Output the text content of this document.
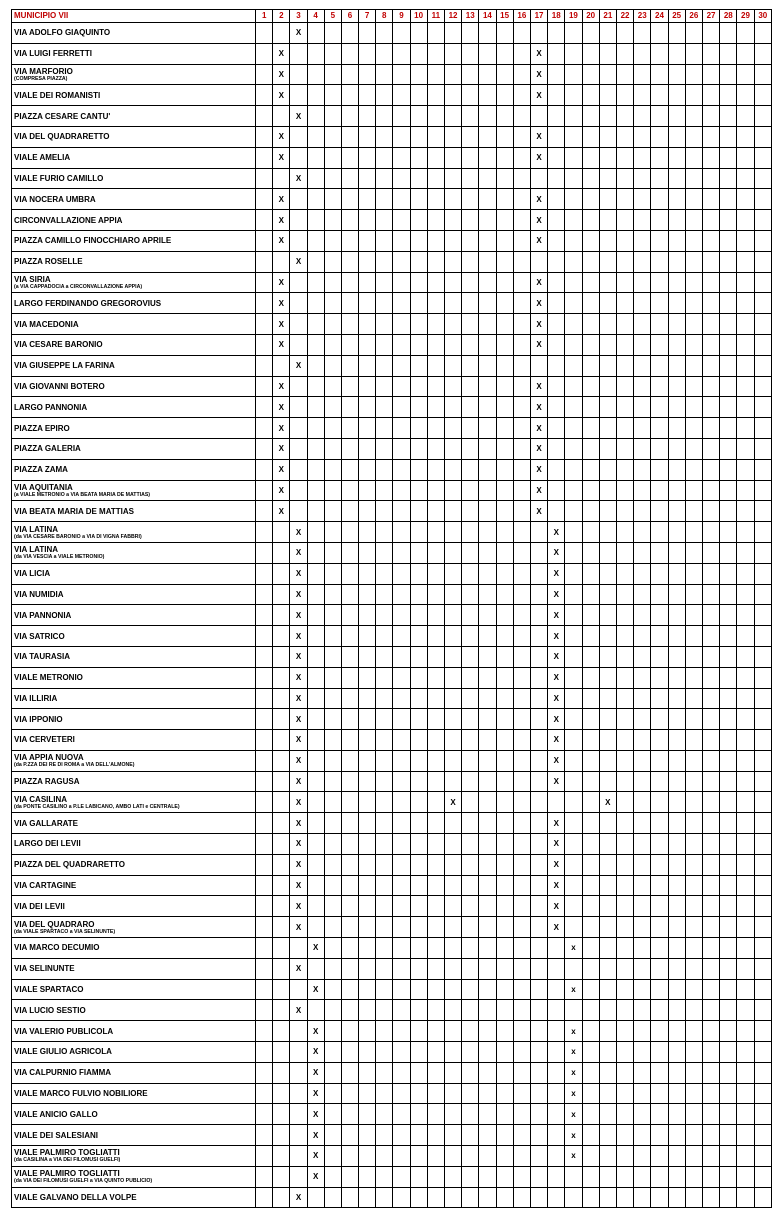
MUNICIPIO VII	1	2	3	4	5	6	7	8	9	10	11	12	13	14	15	16	17	18	19	20	21	22	23	24	25	26	27	28	29	30
VIA ADOLFO GIAQUINTO			X																											
VIA LUIGI FERRETTI		X															X													
VIA MARFORIO
(COMPRESA PIAZZA)		X															X													
VIALE DEI ROMANISTI		X															X													
PIAZZA CESARE CANTU'			X																											
VIA DEL QUADRARETTO		X															X													
VIALE AMELIA		X															X													
VIALE FURIO CAMILLO			X																											
VIA NOCERA UMBRA		X															X													
CIRCONVALLAZIONE APPIA		X															X													
PIAZZA CAMILLO FINOCCHIARO APRILE		X															X													
PIAZZA ROSELLE			X																											
VIA SIRIA
(a VIA CAPPADOCIA a CIRCONVALLAZIONE APPIA)		X															X													
LARGO FERDINANDO GREGOROVIUS		X															X													
VIA MACEDONIA		X															X													
VIA CESARE BARONIO		X															X													
VIA GIUSEPPE LA FARINA			X																											
VIA GIOVANNI BOTERO		X															X													
LARGO PANNONIA		X															X													
PIAZZA EPIRO		X															X													
PIAZZA GALERIA		X															X													
PIAZZA ZAMA		X															X													
VIA AQUITANIA
(a VIALE METRONIO a VIA BEATA MARIA DE MATTIAS)		X															X													
VIA BEATA MARIA DE MATTIAS		X															X													
VIA LATINA
(da VIA CESARE BARONIO a VIA DI VIGNA FABBRI)			X															X												
VIA LATINA
(da VIA VESCIA a VIALE METRONIO)			X															X												
VIA LICIA			X															X												
VIA NUMIDIA			X															X												
VIA PANNONIA			X															X												
VIA SATRICO			X															X												
VIA TAURASIA			X															X												
VIALE METRONIO			X															X												
VIA ILLIRIA			X															X												
VIA IPPONIO			X															X												
VIA CERVETERI			X															X												
VIA APPIA NUOVA
(da P.ZZA DEI RE DI ROMA a VIA DELL'ALMONE)			X															X												
PIAZZA RAGUSA			X															X												
VIA CASILINA
(da PONTE CASILINO a P.LE LABICANO, AMBO LATI e CENTRALE)			X									X									X									
VIA GALLARATE			X															X												
LARGO DEI LEVII			X															X												
PIAZZA DEL QUADRARETTO			X															X												
VIA CARTAGINE			X															X												
VIA DEI LEVII			X															X												
VIA DEL QUADRARO
(da VIALE SPARTACO a VIA SELINUNTE)			X															X												
VIA MARCO DECUMIO				X															x											
VIA SELINUNTE			X																											
VIALE SPARTACO				X															x											
VIA LUCIO SESTIO			X																											
VIA VALERIO PUBLICOLA				X															x											
VIALE GIULIO AGRICOLA				X															x											
VIA CALPURNIO FIAMMA				X															x											
VIALE MARCO FULVIO NOBILIORE				X															x											
VIALE ANICIO GALLO				X															x											
VIALE DEI SALESIANI				X															x											
VIALE PALMIRO TOGLIATTI
(da CASILINA a VIA DEI FILOMUSI GUELFI)				X															x											
VIALE PALMIRO TOGLIATTI
(da VIA DEI FILOMUSI GUELFI a VIA QUINTO PUBLICIO)				X																										
VIALE GALVANO DELLA VOLPE			X																											
